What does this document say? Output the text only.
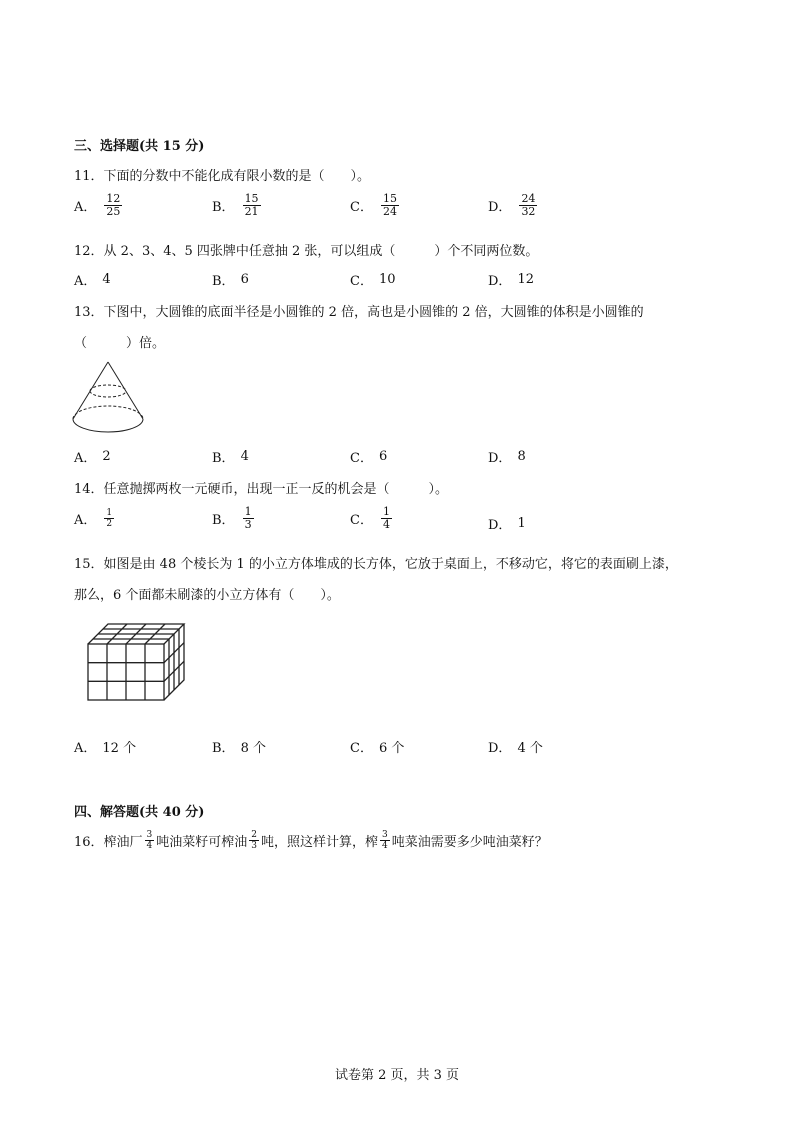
三、选择题(共 15 分)
11．下面的分数中不能化成有限小数的是（　　）。
A． $\frac{12}{25}$	B． $\frac{15}{21}$	C． $\frac{15}{24}$	D． $\frac{24}{32}$
12．从 2、3、4、5 四张牌中任意抽 2 张，可以组成（　　　）个不同两位数。
A． 4	B． 6	C． 10	D． 12
13．下图中，大圆锥的底面半径是小圆锥的 2 倍，高也是小圆锥的 2 倍，大圆锥的体积是小圆锥的
（　　　）倍。
A． 2	B． 4	C． 6	D． 8
14．任意抛掷两枚一元硬币，出现一正一反的机会是（　　　）。
A． $\frac{1}{2}$	B． $\frac{1}{3}$	C． $\frac{1}{4}$	D． 1
15．如图是由 48 个棱长为 1 的小立方体堆成的长方体，它放于桌面上，不移动它，将它的表面刷上漆，
那么，6 个面都未刷漆的小立方体有（　　）。
A． 12 个	B． 8 个	C． 6 个	D． 4 个
四、解答题(共 40 分)
16．榨油厂 $\frac{3}{4}$ 吨油菜籽可榨油 $\frac{2}{3}$ 吨，照这样计算，榨 $\frac{3}{4}$ 吨菜油需要多少吨油菜籽？
试卷第 2 页，共 3 页
